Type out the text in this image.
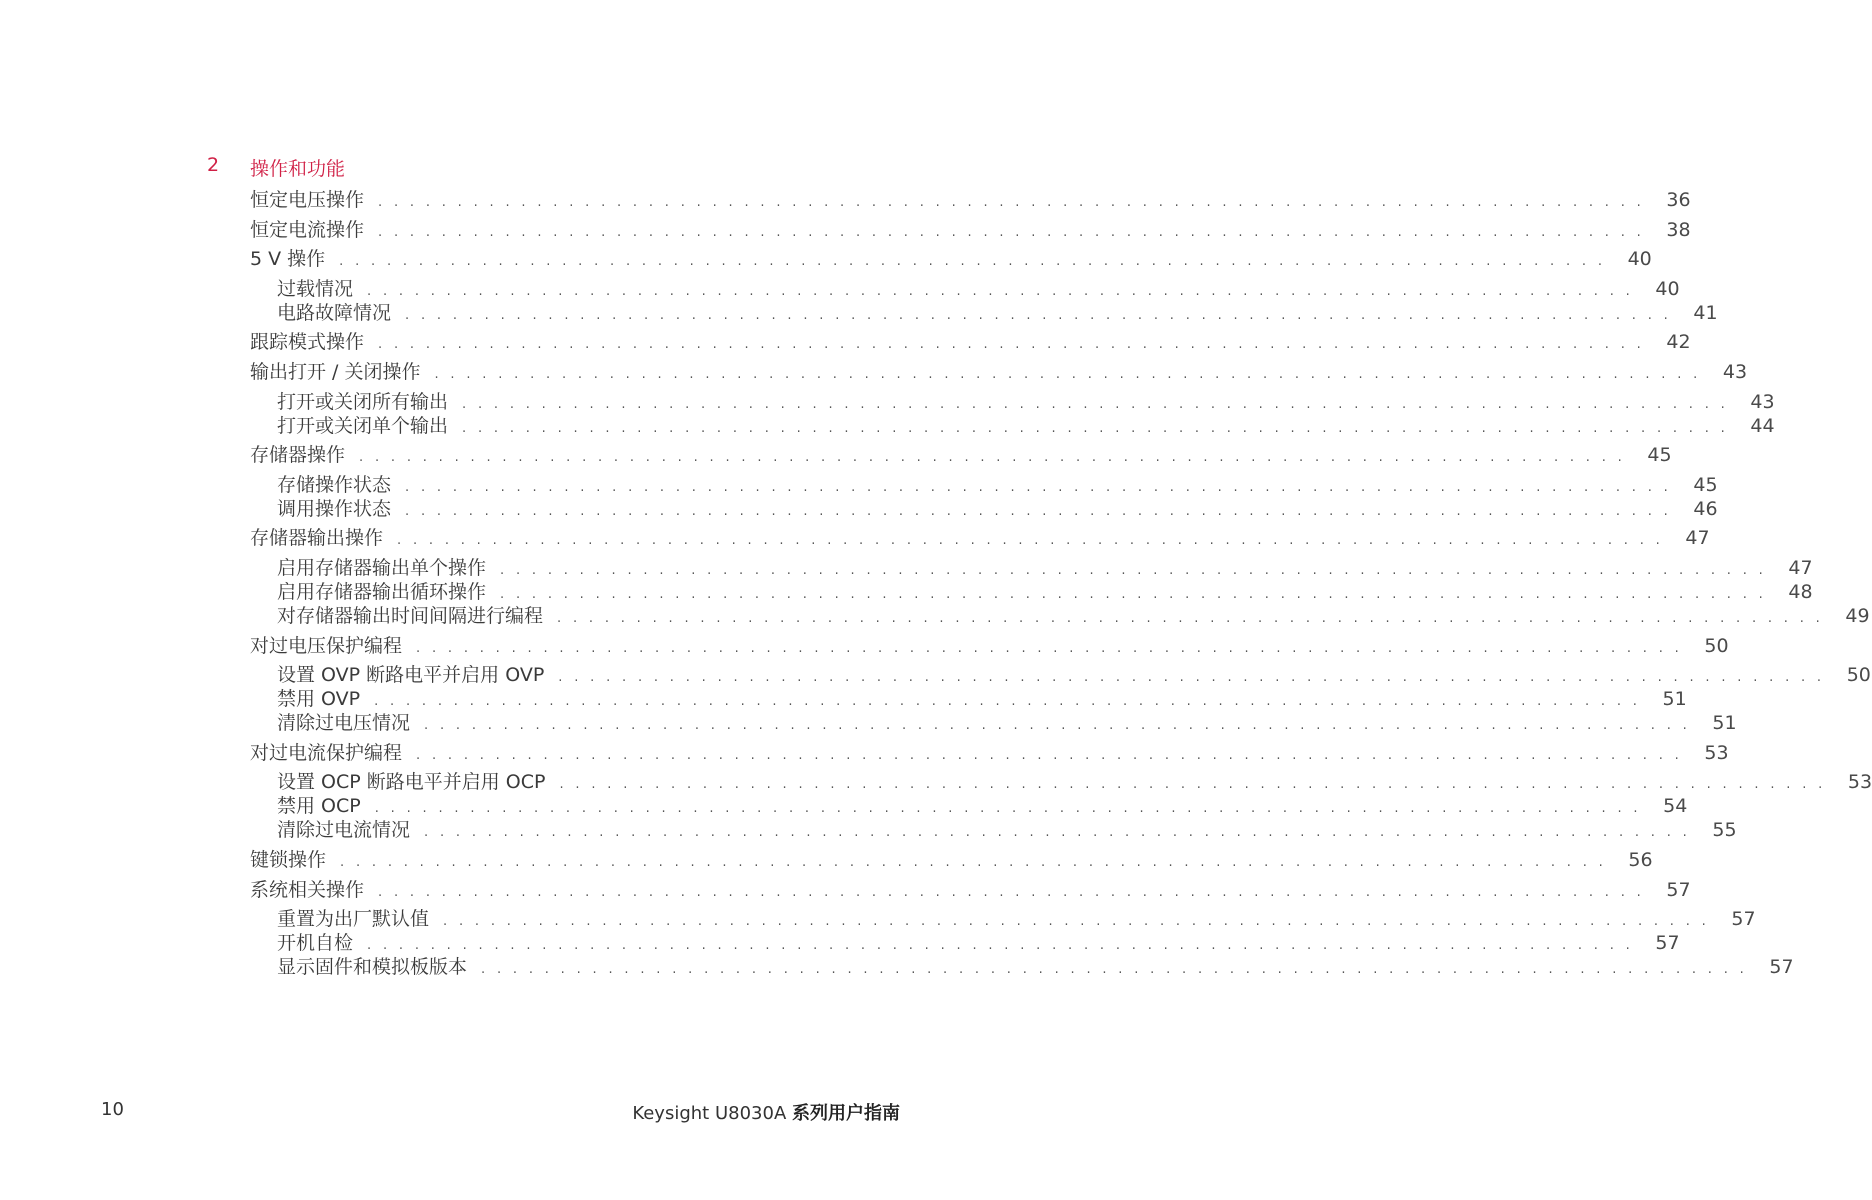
2 操作和功能
恒定电压操作	................................................................................ 36
恒定电流操作	................................................................................ 38
5 V 操作	................................................................................ 40
过载情况	................................................................................ 40
电路故障情况	................................................................................ 41
跟踪模式操作	................................................................................ 42
输出打开 / 关闭操作	................................................................................ 43
打开或关闭所有输出	................................................................................ 43
打开或关闭单个输出	................................................................................ 44
存储器操作	................................................................................ 45
存储操作状态	................................................................................ 45
调用操作状态	................................................................................ 46
存储器输出操作	................................................................................ 47
启用存储器输出单个操作	................................................................................ 47
启用存储器输出循环操作	................................................................................ 48
对存储器输出时间间隔进行编程	................................................................................ 49
对过电压保护编程	................................................................................ 50
设置 OVP 断路电平并启用 OVP	................................................................................ 50
禁用 OVP	................................................................................ 51
清除过电压情况	................................................................................ 51
对过电流保护编程	................................................................................ 53
设置 OCP 断路电平并启用 OCP	................................................................................ 53
禁用 OCP	................................................................................ 54
清除过电流情况	................................................................................ 55
键锁操作	................................................................................ 56
系统相关操作	................................................................................ 57
重置为出厂默认值	................................................................................ 57
开机自检	................................................................................ 57
显示固件和模拟板版本	................................................................................ 57
10	Keysight U8030A 系列用户指南
